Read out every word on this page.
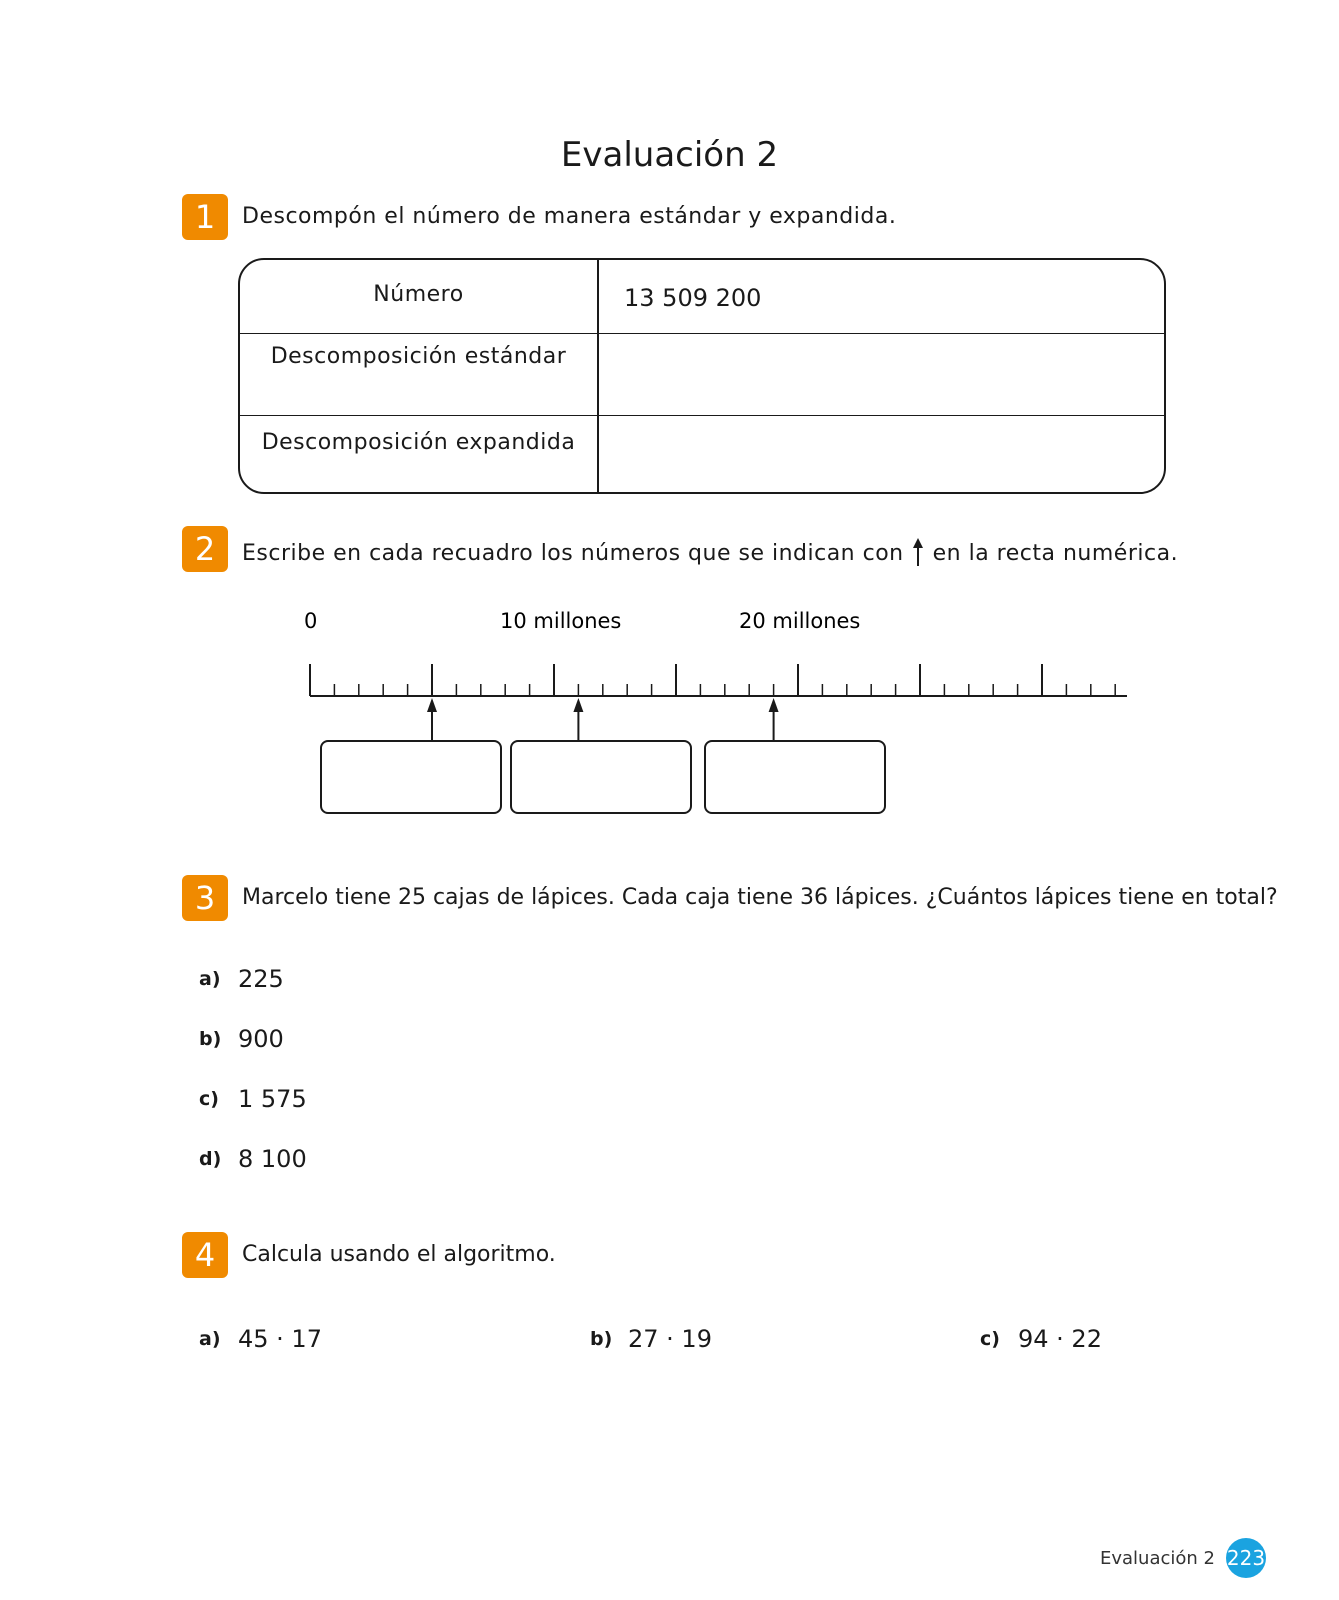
Evaluación 2
1	Descompón el número de manera estándar y expandida.
Número	13 509 200
Descomposición estándar
Descomposición expandida
2	Escribe en cada recuadro los números que se indican con en la recta numérica.
0	10 millones	20 millones
3	Marcelo tiene 25 cajas de lápices. Cada caja tiene 36 lápices. ¿Cuántos lápices tiene en total?
a) 225
b) 900
c) 1 575
d) 8 100
4	Calcula usando el algoritmo.
a) 45 · 17	b) 27 · 19	c) 94 · 22
Evaluación 2 223
